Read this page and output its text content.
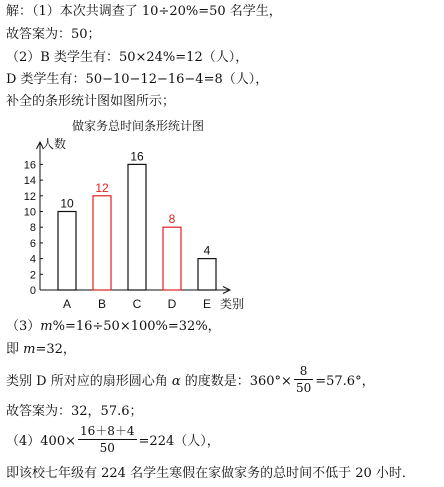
解：（1）本次共调查了 10÷20%=50 名学生，
故答案为：50；
（2）B 类学生有：50×24%=12（人），
D 类学生有：50−10−12−16−4=8（人），
补全的条形统计图如图所示；
做家务总时间条形统计图
人数
类别
0
2
4
6
8
10
12
14
16
10
A
12
B
16
C
8
D
4
E
（3）m%=16÷50×100%=32%，
即 m=32，
类别 D 所对应的扇形圆心角 α 的度数是：$360^\circ\times \frac{8}{50} =57.6^\circ$，
故答案为：32，57.6；
$(4)400\times \frac{16+8+4}{50} =224$（人），
即该校七年级有 224 名学生寒假在家做家务的总时间不低于 20 小时．
